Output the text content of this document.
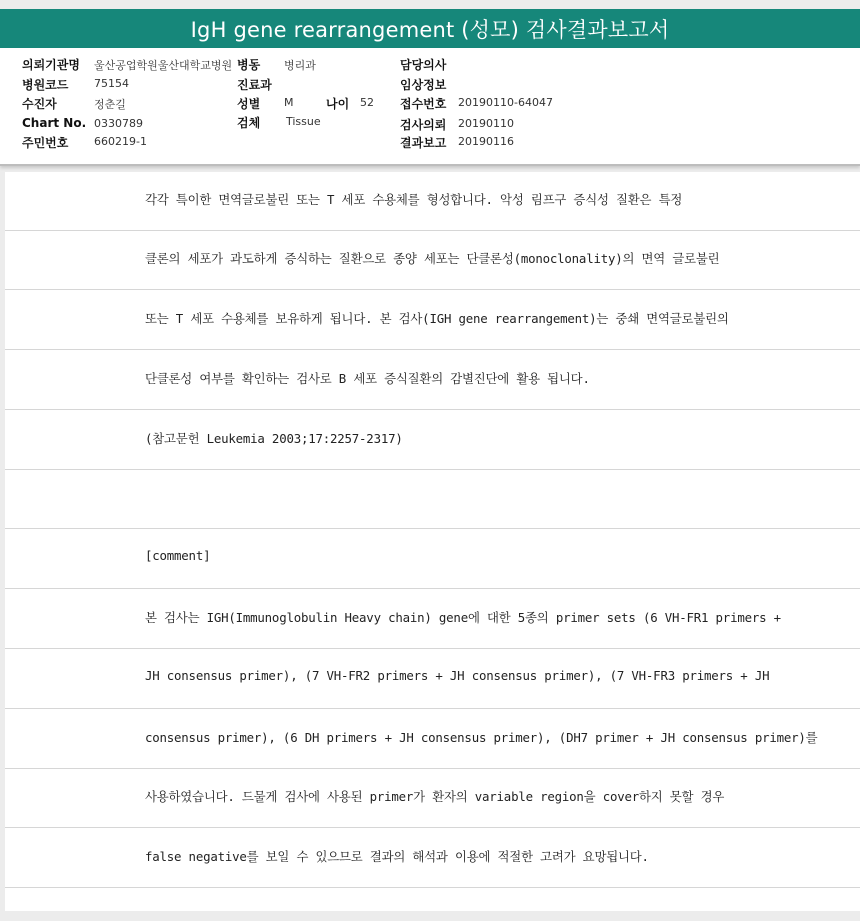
IgH gene rearrangement (성모) 검사결과보고서
의뢰기관명 울산공업학원울산대학교병원 병동 병리과	담당의사
병원코드 75154	진료과	임상정보
수진자	정춘길	성별 M	나이 52 접수번호 20190110-64047
Chart No. 0330789	검체 Tissue	검사의뢰 20190110
주민번호 660219-1	결과보고 20190116
각각 특이한 면역글로불린 또는 T 세포 수용체를 형성합니다. 악성 림프구 증식성 질환은 특정
클론의 세포가 과도하게 증식하는 질환으로 종양 세포는 단클론성(monoclonality)의 면역 글로불린
또는 T 세포 수용체를 보유하게 됩니다. 본 검사(IGH gene rearrangement)는 중쇄 면역글로불린의
단클론성 여부를 확인하는 검사로 B 세포 증식질환의 감별진단에 활용 됩니다.
(참고문헌 Leukemia 2003;17:2257-2317)
[comment]
본 검사는 IGH(Immunoglobulin Heavy chain) gene에 대한 5종의 primer sets (6 VH-FR1 primers +
JH consensus primer), (7 VH-FR2 primers + JH consensus primer), (7 VH-FR3 primers + JH
consensus primer), (6 DH primers + JH consensus primer), (DH7 primer + JH consensus primer)를
사용하였습니다. 드물게 검사에 사용된 primer가 환자의 variable region을 cover하지 못할 경우
false negative를 보일 수 있으므로 결과의 해석과 이용에 적절한 고려가 요망됩니다.
